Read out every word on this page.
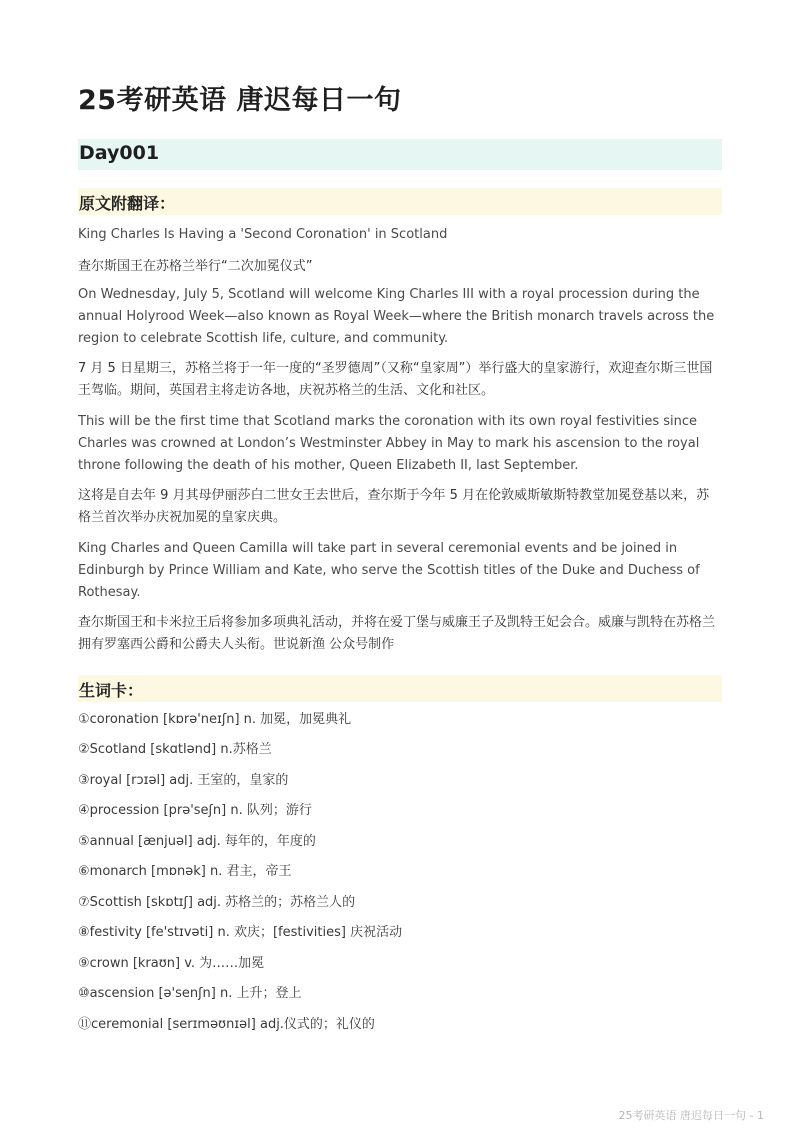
25考研英语 唐迟每日一句
Day001
原文附翻译：

King Charles Is Having a 'Second Coronation' in Scotland

查尔斯国王在苏格兰举行“二次加冕仪式”

On Wednesday, July 5, Scotland will welcome King Charles III with a royal procession during the annual Holyrood Week—also known as Royal Week—where the British monarch travels across the region to celebrate Scottish life, culture, and community.

7 月 5 日星期三，苏格兰将于一年一度的“圣罗德周”（又称“皇家周”）举行盛大的皇家游行，欢迎查尔斯三世国王驾临。期间，英国君主将走访各地，庆祝苏格兰的生活、文化和社区。

This will be the first time that Scotland marks the coronation with its own royal festivities since Charles was crowned at London’s Westminster Abbey in May to mark his ascension to the royal throne following the death of his mother, Queen Elizabeth II, last September.

这将是自去年 9 月其母伊丽莎白二世女王去世后，查尔斯于今年 5 月在伦敦威斯敏斯特教堂加冕登基以来，苏格兰首次举办庆祝加冕的皇家庆典。

King Charles and Queen Camilla will take part in several ceremonial events and be joined in Edinburgh by Prince William and Kate, who serve the Scottish titles of the Duke and Duchess of Rothesay.

查尔斯国王和卡米拉王后将参加多项典礼活动，并将在爱丁堡与威廉王子及凯特王妃会合。威廉与凯特在苏格兰拥有罗塞西公爵和公爵夫人头衔。世说新渔 公众号制作

生词卡：

①coronation [kɒrə'neɪʃn] n. 加冕，加冕典礼

②Scotland [skɑtlənd] n.苏格兰

③royal [rɔɪəl] adj. 王室的，皇家的

④procession [prə'seʃn] n. 队列；游行

⑤annual [ænjuəl] adj. 每年的，年度的

⑥monarch [mɒnək] n. 君主，帝王

⑦Scottish [skɒtɪʃ] adj. 苏格兰的；苏格兰人的

⑧festivity [fe'stɪvəti] n. 欢庆；[festivities] 庆祝活动

⑨crown [kraʊn] v. 为……加冕

⑩ascension [ə'senʃn] n. 上升；登上

⑪ceremonial [serɪməʊnɪəl] adj.仪式的；礼仪的

25考研英语 唐迟每日一句 - 1
